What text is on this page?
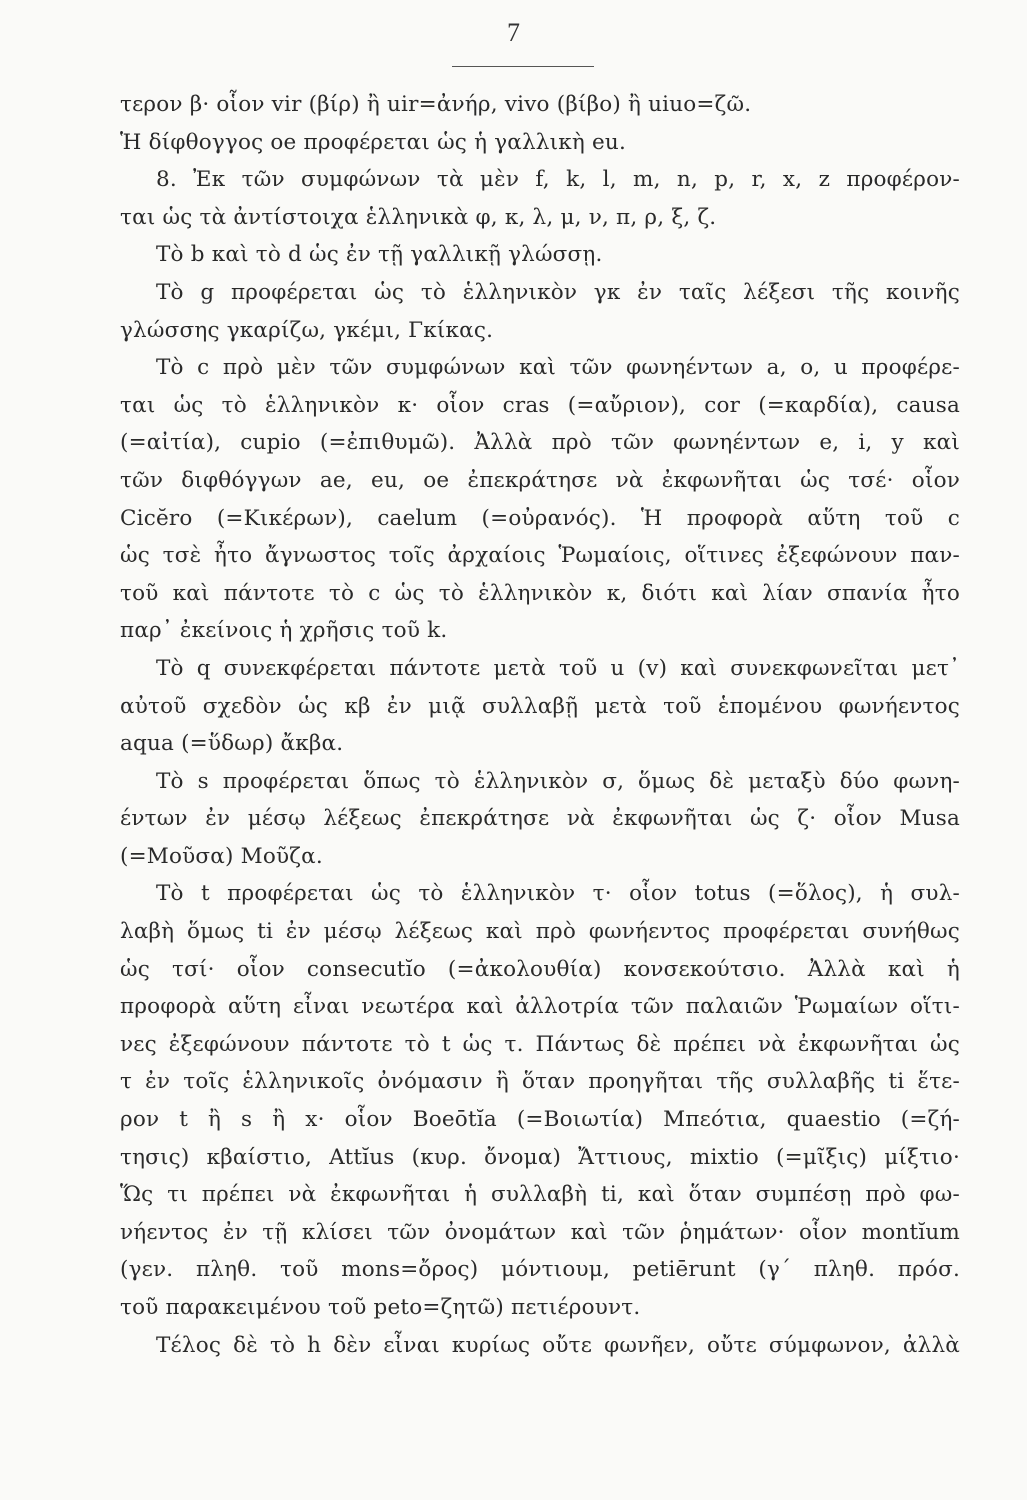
7
τερον β· οἷον vir (βίρ) ἢ uir=ἀνήρ, vivo (βίβο) ἢ uiuo=ζῶ.
Ἡ δίφθογγος oe προφέρεται ὡς ἡ γαλλικὴ eu.
8. Ἐκ τῶν συμφώνων τὰ μὲν f, k, l, m, n, p, r, x, z προφέρον-
ται ὡς τὰ ἀντίστοιχα ἑλληνικὰ φ, κ, λ, μ, ν, π, ρ, ξ, ζ.
Τὸ b καὶ τὸ d ὡς ἐν τῇ γαλλικῇ γλώσσῃ.
Τὸ g προφέρεται ὡς τὸ ἑλληνικὸν γκ ἐν ταῖς λέξεσι τῆς κοινῆς
γλώσσης γκαρίζω, γκέμι, Γκίκας.
Τὸ c πρὸ μὲν τῶν συμφώνων καὶ τῶν φωνηέντων a, o, u προφέρε-
ται ὡς τὸ ἑλληνικὸν κ· οἷον cras (=αὔριον), cor (=καρδία), causa
(=αἰτία), cupio (=ἐπιθυμῶ). Ἀλλὰ πρὸ τῶν φωνηέντων e, i, y καὶ
τῶν διφθόγγων ae, eu, oe ἐπεκράτησε νὰ ἐκφωνῆται ὡς τσέ· οἷον
Cicĕro (=Κικέρων), caelum (=οὐρανός). Ἡ προφορὰ αὕτη τοῦ c
ὡς τσὲ ἦτο ἄγνωστος τοῖς ἀρχαίοις Ῥωμαίοις, οἵτινες ἐξεφώνουν παν-
τοῦ καὶ πάντοτε τὸ c ὡς τὸ ἑλληνικὸν κ, διότι καὶ λίαν σπανία ἦτο
παρ᾽ ἐκείνοις ἡ χρῆσις τοῦ k.
Τὸ q συνεκφέρεται πάντοτε μετὰ τοῦ u (v) καὶ συνεκφωνεῖται μετ᾽
αὐτοῦ σχεδὸν ὡς κβ ἐν μιᾷ συλλαβῇ μετὰ τοῦ ἑπομένου φωνήεντος
aqua (=ὕδωρ) ἄκβα.
Τὸ s προφέρεται ὅπως τὸ ἑλληνικὸν σ, ὅμως δὲ μεταξὺ δύο φωνη-
έντων ἐν μέσῳ λέξεως ἐπεκράτησε νὰ ἐκφωνῆται ὡς ζ· οἷον Musa
(=Μοῦσα) Μοῦζα.
Τὸ t προφέρεται ὡς τὸ ἑλληνικὸν τ· οἷον totus (=ὅλος), ἡ συλ-
λαβὴ ὅμως ti ἐν μέσῳ λέξεως καὶ πρὸ φωνήεντος προφέρεται συνήθως
ὡς τσί· οἷον consecutĭo (=ἀκολουθία) κονσεκούτσιο. Ἀλλὰ καὶ ἡ
προφορὰ αὕτη εἶναι νεωτέρα καὶ ἀλλοτρία τῶν παλαιῶν Ῥωμαίων οἵτι-
νες ἐξεφώνουν πάντοτε τὸ t ὡς τ. Πάντως δὲ πρέπει νὰ ἐκφωνῆται ὡς
τ ἐν τοῖς ἑλληνικοῖς ὀνόμασιν ἢ ὅταν προηγῆται τῆς συλλαβῆς ti ἕτε-
ρον t ἢ s ἢ x· οἷον Boeōtĭa (=Βοιωτία) Μπεότια, quaestio (=ζή-
τησις) κβαίστιο, Attĭus (κυρ. ὄνομα) Ἄττιους, mixtio (=μῖξις) μίξτιο·
Ὥς τι πρέπει νὰ ἐκφωνῆται ἡ συλλαβὴ ti, καὶ ὅταν συμπέσῃ πρὸ φω-
νήεντος ἐν τῇ κλίσει τῶν ὀνομάτων καὶ τῶν ῥημάτων· οἷον montĭum
(γεν. πληθ. τοῦ mons=ὄρος) μόντιουμ, petiērunt (γ´ πληθ. πρόσ.
τοῦ παρακειμένου τοῦ peto=ζητῶ) πετιέρουντ.
Τέλος δὲ τὸ h δὲν εἶναι κυρίως οὔτε φωνῆεν, οὔτε σύμφωνον, ἀλλὰ
